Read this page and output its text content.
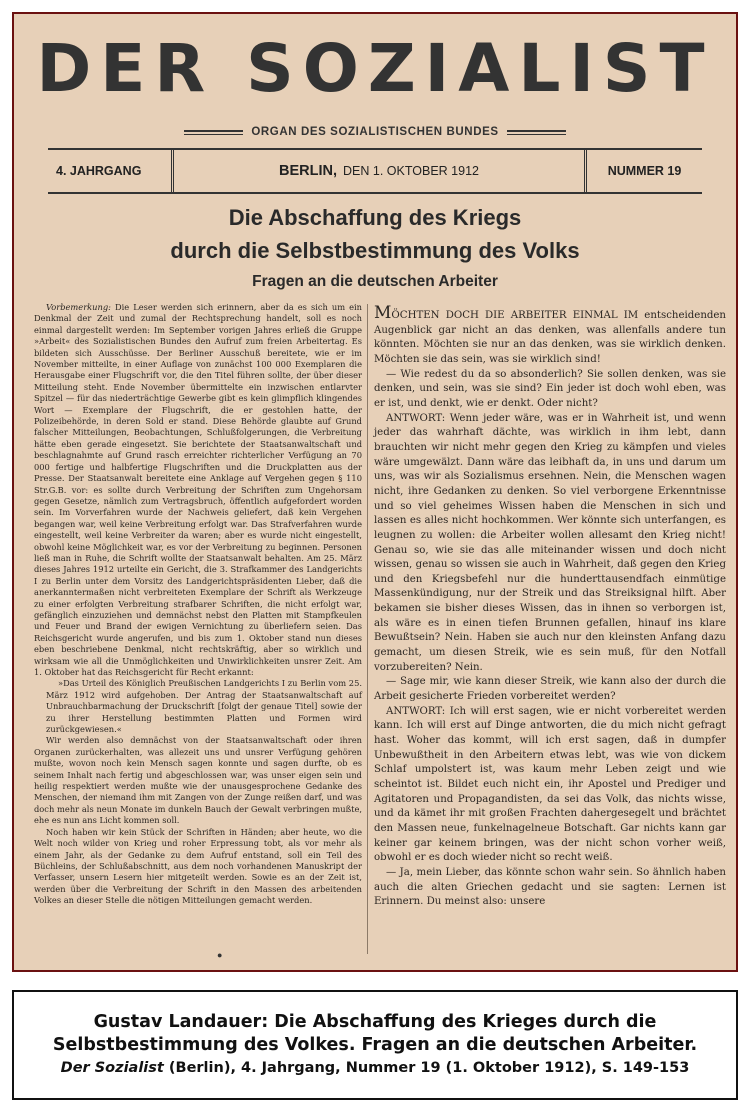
DER SOZIALIST
ORGAN DES SOZIALISTISCHEN BUNDES
4. JAHRGANG	BERLIN, DEN 1. OKTOBER 1912	NUMMER 19
Die Abschaffung des Kriegs
durch die Selbstbestimmung des Volks
Fragen an die deutschen Arbeiter

Vorbemerkung: Die Leser werden sich erinnern, aber da es sich um ein Denkmal der Zeit und zumal der Rechtsprechung handelt, soll es noch einmal dargestellt werden: Im September vorigen Jahres erließ die Gruppe »Arbeit« des Sozialistischen Bundes den Aufruf zum freien Arbeitertag. Es bildeten sich Ausschüsse. Der Berliner Ausschuß bereitete, wie er im November mitteilte, in einer Auflage von zunächst 100 000 Exemplaren die Herausgabe einer Flugschrift vor, die den Titel führen sollte, der über dieser Mitteilung steht. Ende November übermittelte ein inzwischen entlarvter Spitzel — für das niederträchtige Gewerbe gibt es kein glimpflich klingendes Wort — Exemplare der Flugschrift, die er gestohlen hatte, der Polizeibehörde, in deren Sold er stand. Diese Behörde glaubte auf Grund falscher Mitteilungen, Beobachtungen, Schlußfolgerungen, die Verbreitung hätte eben gerade eingesetzt. Sie berichtete der Staatsanwaltschaft und beschlagnahmte auf Grund rasch erreichter richterlicher Verfügung an 70 000 fertige und halbfertige Flugschriften und die Druckplatten aus der Presse. Der Staatsanwalt bereitete eine Anklage auf Vergehen gegen § 110 Str.G.B. vor: es sollte durch Verbreitung der Schriften zum Ungehorsam gegen Gesetze, nämlich zum Vertragsbruch, öffentlich aufgefordert worden sein. Im Vorverfahren wurde der Nachweis geliefert, daß kein Vergehen begangen war, weil keine Verbreitung erfolgt war. Das Strafverfahren wurde eingestellt, weil keine Verbreiter da waren; aber es wurde nicht eingestellt, obwohl keine Möglichkeit war, es vor der Verbreitung zu beginnen. Personen ließ man in Ruhe, die Schrift wollte der Staatsanwalt behalten. Am 25. März dieses Jahres 1912 urteilte ein Gericht, die 3. Strafkammer des Landgerichts I zu Berlin unter dem Vorsitz des Landgerichtspräsidenten Lieber, daß die anerkanntermaßen nicht verbreiteten Exemplare der Schrift als Werkzeuge zu einer erfolgten Verbreitung strafbarer Schriften, die nicht erfolgt war, gefänglich einzuziehen und demnächst nebst den Platten mit Stampfkeulen und Feuer und Brand der ewigen Vernichtung zu überliefern seien. Das Reichsgericht wurde angerufen, und bis zum 1. Oktober stand nun dieses eben beschriebene Denkmal, nicht rechtskräftig, aber so wirklich und wirksam wie all die Unmöglichkeiten und Unwirklichkeiten unsrer Zeit. Am 1. Oktober hat das Reichsgericht für Recht erkannt:

»Das Urteil des Königlich Preußischen Landgerichts I zu Berlin vom 25. März 1912 wird aufgehoben. Der Antrag der Staatsanwaltschaft auf Unbrauchbarmachung der Druckschrift [folgt der genaue Titel] sowie der zu ihrer Herstellung bestimmten Platten und Formen wird zurückgewiesen.«

Wir werden also demnächst von der Staatsanwaltschaft oder ihren Organen zurückerhalten, was allezeit uns und unsrer Verfügung gehören mußte, wovon noch kein Mensch sagen konnte und sagen durfte, ob es seinem Inhalt nach fertig und abgeschlossen war, was unser eigen sein und heilig respektiert werden mußte wie der unausgesprochene Gedanke des Menschen, der niemand ihm mit Zangen von der Zunge reißen darf, und was doch mehr als neun Monate im dunkeln Bauch der Gewalt verbringen mußte, ehe es nun ans Licht kommen soll.

Noch haben wir kein Stück der Schriften in Händen; aber heute, wo die Welt noch wilder von Krieg und roher Erpressung tobt, als vor mehr als einem Jahr, als der Gedanke zu dem Aufruf entstand, soll ein Teil des Büchleins, der Schlußabschnitt, aus dem noch vorhandenen Manuskript der Verfasser, unsern Lesern hier mitgeteilt werden. Sowie es an der Zeit ist, werden über die Verbreitung der Schrift in den Massen des arbeitenden Volkes an dieser Stelle die nötigen Mitteilungen gemacht werden.

MÖCHTEN DOCH DIE ARBEITER EINMAL IM entscheidenden Augenblick gar nicht an das denken, was allenfalls andere tun könnten. Möchten sie nur an das denken, was sie wirklich denken. Möchten sie das sein, was sie wirklich sind!

— Wie redest du da so absonderlich? Sie sollen denken, was sie denken, und sein, was sie sind? Ein jeder ist doch wohl eben, was er ist, und denkt, wie er denkt. Oder nicht?

ANTWORT: Wenn jeder wäre, was er in Wahrheit ist, und wenn jeder das wahrhaft dächte, was wirklich in ihm lebt, dann brauchten wir nicht mehr gegen den Krieg zu kämpfen und vieles wäre umgewälzt. Dann wäre das leibhaft da, in uns und darum um uns, was wir als Sozialismus ersehnen. Nein, die Menschen wagen nicht, ihre Gedanken zu denken. So viel verborgene Erkenntnisse und so viel geheimes Wissen haben die Menschen in sich und lassen es alles nicht hochkommen. Wer könnte sich unterfangen, es leugnen zu wollen: die Arbeiter wollen allesamt den Krieg nicht! Genau so, wie sie das alle miteinander wissen und doch nicht wissen, genau so wissen sie auch in Wahrheit, daß gegen den Krieg und den Kriegsbefehl nur die hunderttausendfach einmütige Massenkündigung, nur der Streik und das Streiksignal hilft. Aber bekamen sie bisher dieses Wissen, das in ihnen so verborgen ist, als wäre es in einen tiefen Brunnen gefallen, hinauf ins klare Bewußtsein? Nein. Haben sie auch nur den kleinsten Anfang dazu gemacht, um diesen Streik, wie es sein muß, für den Notfall vorzubereiten? Nein.

— Sage mir, wie kann dieser Streik, wie kann also der durch die Arbeit gesicherte Frieden vorbereitet werden?

ANTWORT: Ich will erst sagen, wie er nicht vorbereitet werden kann. Ich will erst auf Dinge antworten, die du mich nicht gefragt hast. Woher das kommt, will ich erst sagen, daß in dumpfer Unbewußtheit in den Arbeitern etwas lebt, was wie von dickem Schlaf umpolstert ist, was kaum mehr Leben zeigt und wie scheintot ist. Bildet euch nicht ein, ihr Apostel und Prediger und Agitatoren und Propagandisten, da sei das Volk, das nichts wisse, und da kämet ihr mit großen Frachten dahergesegelt und brächtet den Massen neue, funkelnagelneue Botschaft. Gar nichts kann gar keiner gar keinem bringen, was der nicht schon vorher weiß, obwohl er es doch wieder nicht so recht weiß.

— Ja, mein Lieber, das könnte schon wahr sein. So ähnlich haben auch die alten Griechen gedacht und sie sagten: Lernen ist Erinnern. Du meinst also: unsere

●
Gustav Landauer: Die Abschaffung des Krieges durch die
Selbstbestimmung des Volkes. Fragen an die deutschen Arbeiter.
Der Sozialist (Berlin), 4. Jahrgang, Nummer 19 (1. Oktober 1912), S. 149-153
